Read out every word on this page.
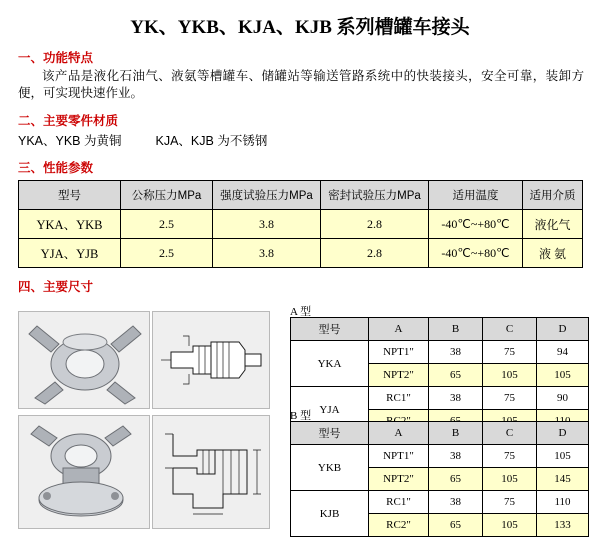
YK、YKB、KJA、KJB 系列槽罐车接头
一、功能特点
该产品是液化石油气、液氨等槽罐车、储罐站等输送管路系统中的快装接头，安全可靠，装卸方便，可实现快速作业。
二、主要零件材质
YKA、YKB 为黄铜	KJA、KJB 为不锈钢
三、性能参数
型号	公称压力MPa	强度试验压力MPa	密封试验压力MPa	适用温度	适用介质
YKA、YKB	2.5	3.8	2.8	-40℃~+80℃	液化气
YJA、YJB	2.5	3.8	2.8	-40℃~+80℃	液 氨
四、主要尺寸
A 型
型号	A	B	C	D
YKA	NPT1"	38	75	94
	NPT2"	65	105	105
YJA	RC1"	38	75	90

B 型
型号	A	B	C	D
YKB	NPT1"	38	75	105
	NPT2"	65	105	145
KJB	RC1"	38	75	110
	RC2"	65	105	133
